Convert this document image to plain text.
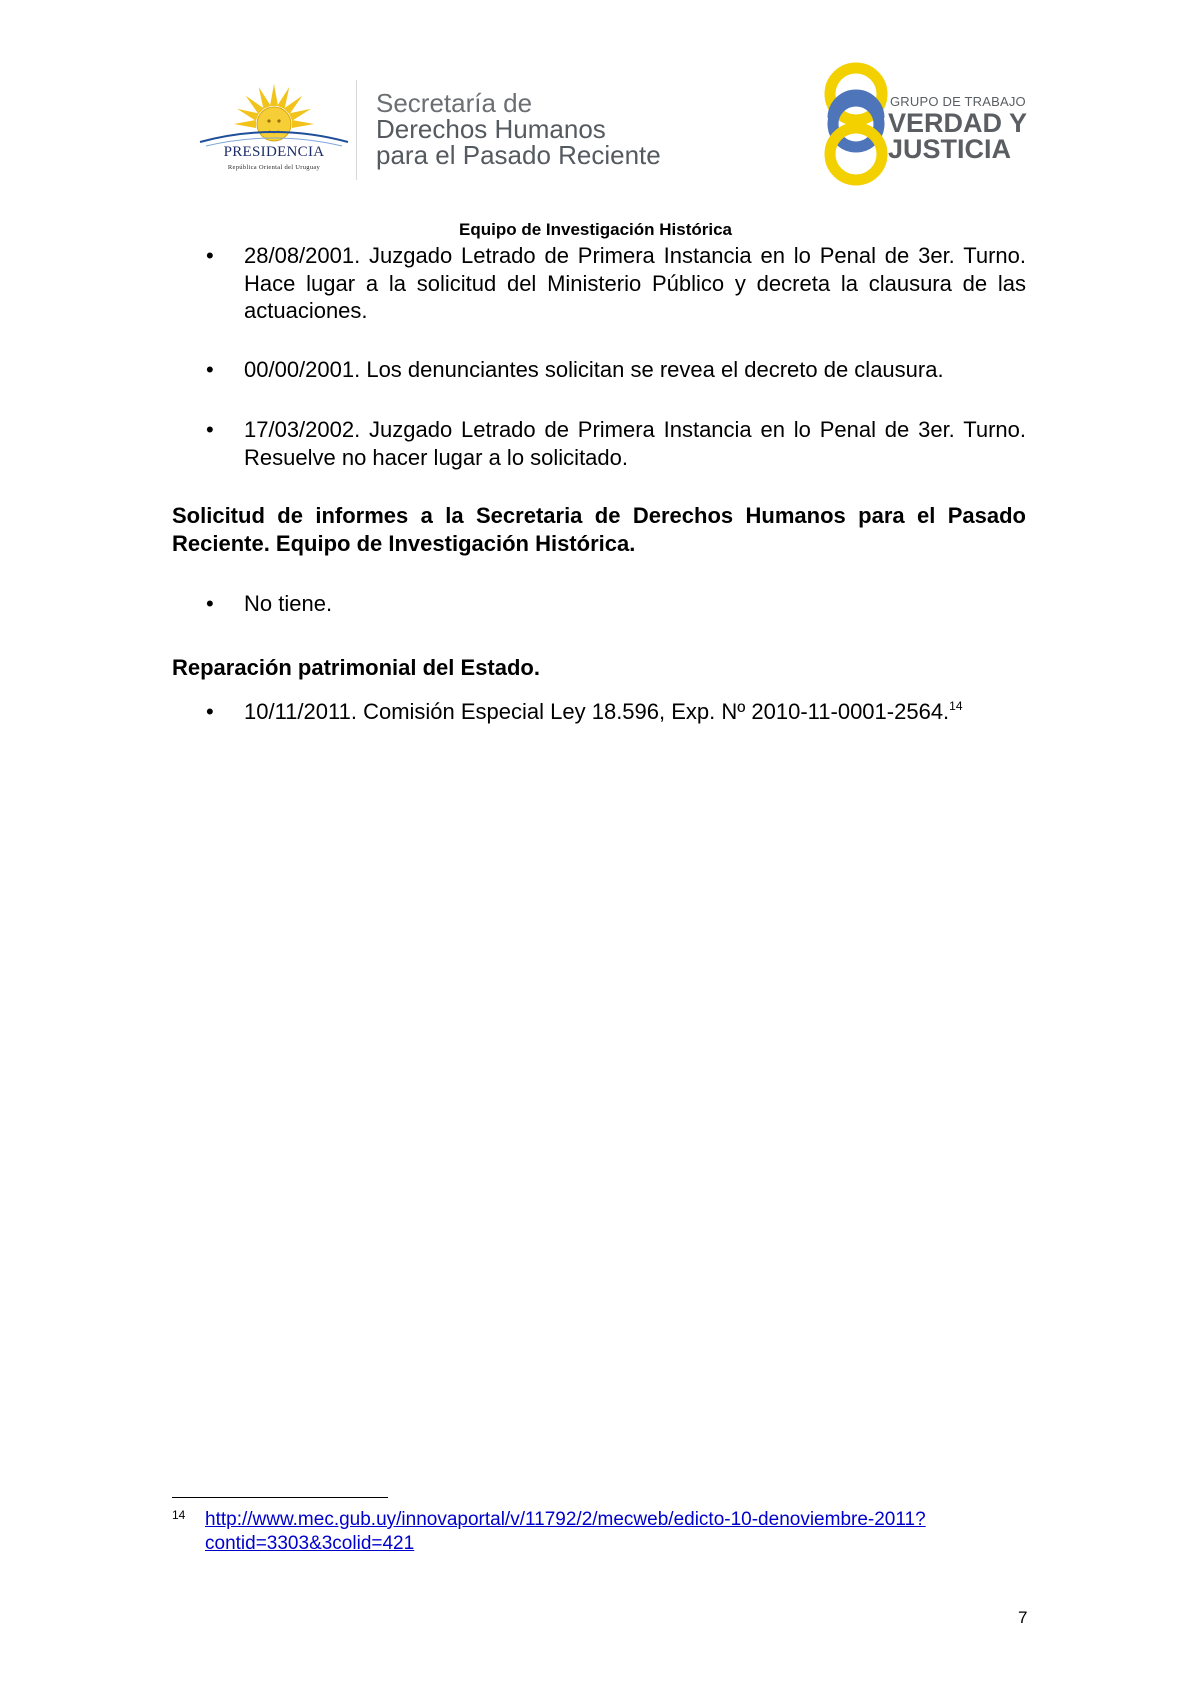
PRESIDENCIA
República Oriental del Uruguay
Secretaría de
Derechos Humanos
para el Pasado Reciente
GRUPO DE TRABAJO
VERDAD Y
JUSTICIA
Equipo de Investigación Histórica
• 28/08/2001. Juzgado Letrado de Primera Instancia en lo Penal de 3er. Turno. Hace lugar a la solicitud del Ministerio Público y decreta la clausura de las actuaciones.
• 00/00/2001. Los denunciantes solicitan se revea el decreto de clausura.
• 17/03/2002. Juzgado Letrado de Primera Instancia en lo Penal de 3er. Turno. Resuelve no hacer lugar a lo solicitado.
Solicitud de informes a la Secretaria de Derechos Humanos para el Pasado Reciente. Equipo de Investigación Histórica.
• No tiene.
Reparación patrimonial del Estado.
• 10/11/2011. Comisión Especial Ley 18.596, Exp. Nº 2010-11-0001-2564.14
14 http://www.mec.gub.uy/innovaportal/v/11792/2/mecweb/edicto-10-denoviembre-2011?
contid=3303&3colid=421
7
